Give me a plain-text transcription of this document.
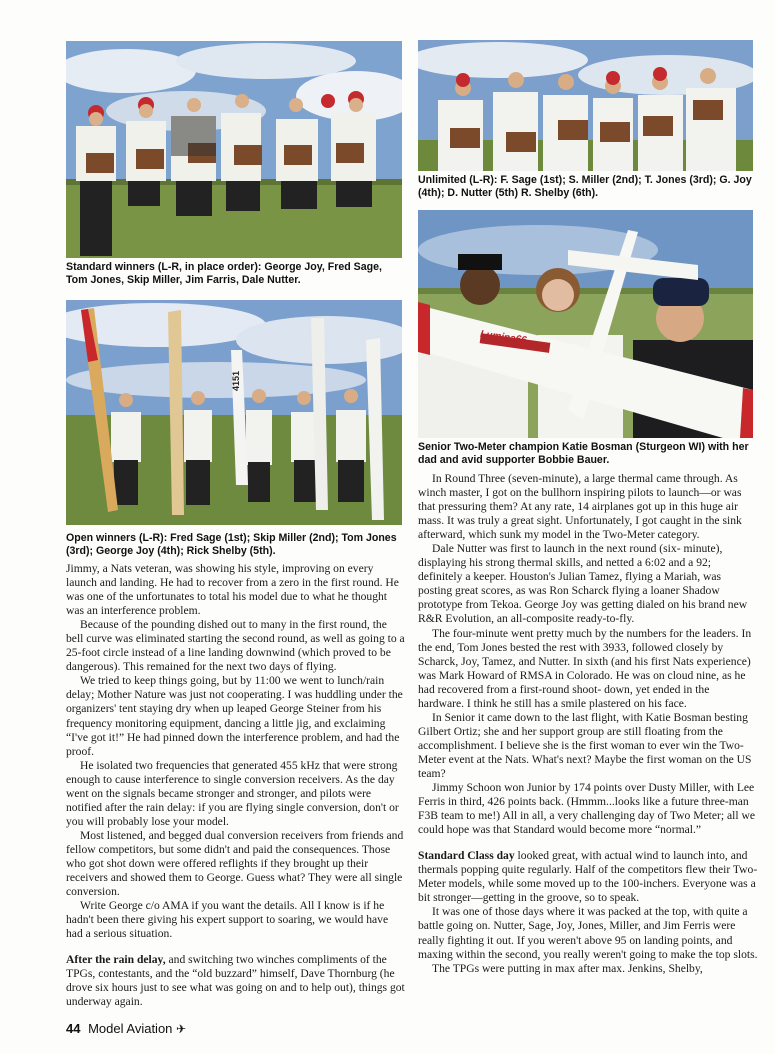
Standard winners (L-R, in place order): George Joy, Fred Sage, Tom Jones, Skip Miller, Jim Farris, Dale Nutter.
Unlimited (L-R): F. Sage (1st); S. Miller (2nd); T. Jones (3rd); G. Joy (4th); D. Nutter (5th) R. Shelby (6th).
Lumina66
Senior Two-Meter champion Katie Bosman (Sturgeon WI) with her dad and avid supporter Bobbie Bauer.
4151
Open winners (L-R): Fred Sage (1st); Skip Miller (2nd); Tom Jones (3rd); George Joy (4th); Rick Shelby (5th).

Jimmy, a Nats veteran, was showing his style, improving on every launch and landing. He had to recover from a zero in the first round. He was one of the unfortunates to total his model due to what he thought was an interference problem.

Because of the pounding dished out to many in the first round, the bell curve was eliminated starting the second round, as well as going to a 25-foot circle instead of a line landing downwind (which proved to be dangerous). This remained for the next two days of flying.

We tried to keep things going, but by 11:00 we went to lunch/rain delay; Mother Nature was just not cooperating. I was huddling under the organizers' tent staying dry when up leaped George Steiner from his frequency monitoring equipment, dancing a little jig, and exclaiming “I've got it!” He had pinned down the interference problem, and had the proof.

He isolated two frequencies that generated 455 kHz that were strong enough to cause interference to single conversion receivers. As the day went on the signals became stronger and stronger, and pilots were notified after the rain delay: if you are flying single conversion, don't or you will probably lose your model.

Most listened, and begged dual conversion receivers from friends and fellow competitors, but some didn't and paid the consequences. Those who got shot down were offered reflights if they brought up their receivers and showed them to George. Guess what? They were all single conversion.

Write George c/o AMA if you want the details. All I know is if he hadn't been there giving his expert support to soaring, we would have had a serious situation.

After the rain delay, and switching two winches compliments of the TPGs, contestants, and the “old buzzard” himself, Dave Thornburg (he drove six hours just to see what was going on and to help out), things got underway again.

In Round Three (seven-minute), a large thermal came through. As winch master, I got on the bullhorn inspiring pilots to launch—or was that pressuring them? At any rate, 14 airplanes got up in this huge air mass. It was truly a great sight. Unfortunately, I got caught in the sink afterward, which sunk my model in the Two-Meter category.

Dale Nutter was first to launch in the next round (six- minute), displaying his strong thermal skills, and netted a 6:02 and a 92; definitely a keeper. Houston's Julian Tamez, flying a Mariah, was posting great scores, as was Ron Scharck flying a loaner Shadow prototype from Tekoa. George Joy was getting dialed on his brand new R&R Evolution, an all-composite ready-to-fly.

The four-minute went pretty much by the numbers for the leaders. In the end, Tom Jones bested the rest with 3933, followed closely by Scharck, Joy, Tamez, and Nutter. In sixth (and his first Nats experience) was Mark Howard of RMSA in Colorado. He was on cloud nine, as he had recovered from a first-round shoot- down, yet ended in the hardware. I think he still has a smile plastered on his face.

In Senior it came down to the last flight, with Katie Bosman besting Gilbert Ortiz; she and her support group are still floating from the accomplishment. I believe she is the first woman to ever win the Two-Meter event at the Nats. What's next? Maybe the first woman on the US team?

Jimmy Schoon won Junior by 174 points over Dusty Miller, with Lee Ferris in third, 426 points back. (Hmmm...looks like a future three-man F3B team to me!) All in all, a very challenging day of Two Meter; all we could hope was that Standard would become more “normal.”

Standard Class day looked great, with actual wind to launch into, and thermals popping quite regularly. Half of the competitors flew their Two-Meter models, while some moved up to the 100-inchers. Everyone was a bit stronger—getting in the groove, so to speak.

It was one of those days where it was packed at the top, with quite a battle going on. Nutter, Sage, Joy, Jones, Miller, and Jim Ferris were really fighting it out. If you weren't above 95 on landing points, and maxing within the second, you really weren't going to make the top slots.

The TPGs were putting in max after max. Jenkins, Shelby,

44 Model Aviation ✈
